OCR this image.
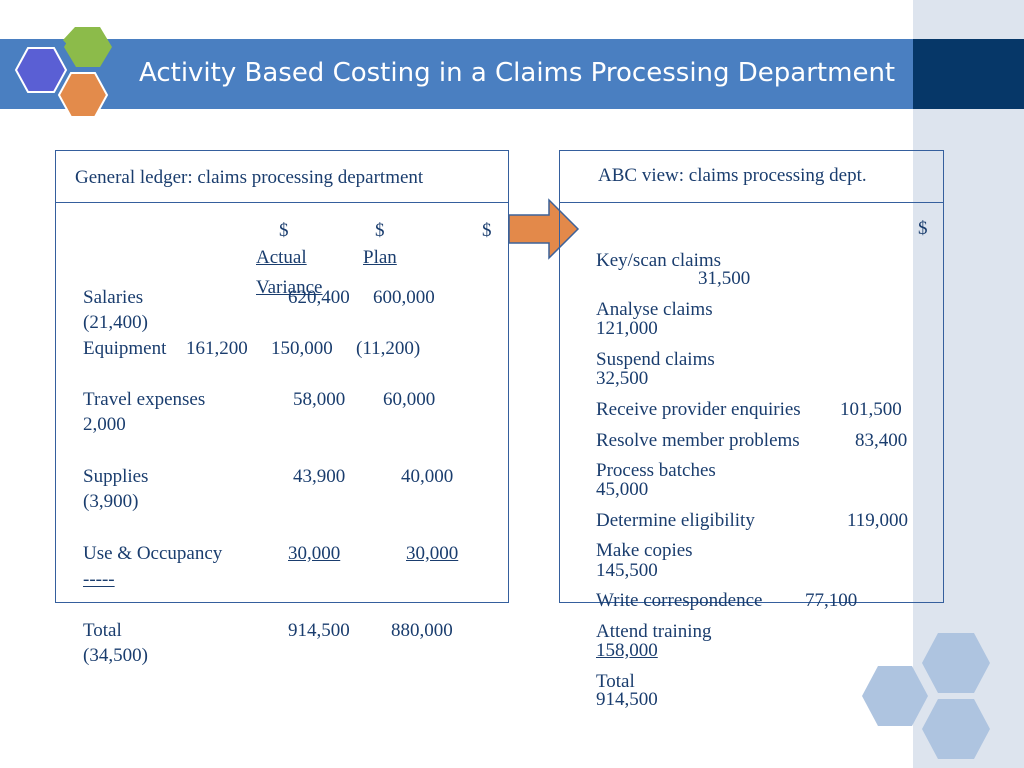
Activity Based Costing in a Claims Processing Department
General ledger: claims processing department
$	$	$
Actual	Plan
Variance
Salaries	620,400 600,000
(21,400)
Equipment 161,200 150,000 (11,200)
Travel expenses	58,000 60,000
2,000
Supplies	43,900	40,000
(3,900)
Use & Occupancy	30,000	30,000
-----
Total	914,500 880,000
(34,500)
ABC view: claims processing dept.
$
Key/scan claims
31,500
Analyse claims
121,000
Suspend claims
32,500
Receive provider enquiries 101,500
Resolve member problems	83,400
Process batches
45,000
Determine eligibility	119,000
Make copies
145,500
Write correspondence 77,100
Attend training
158,000
Total
914,500
